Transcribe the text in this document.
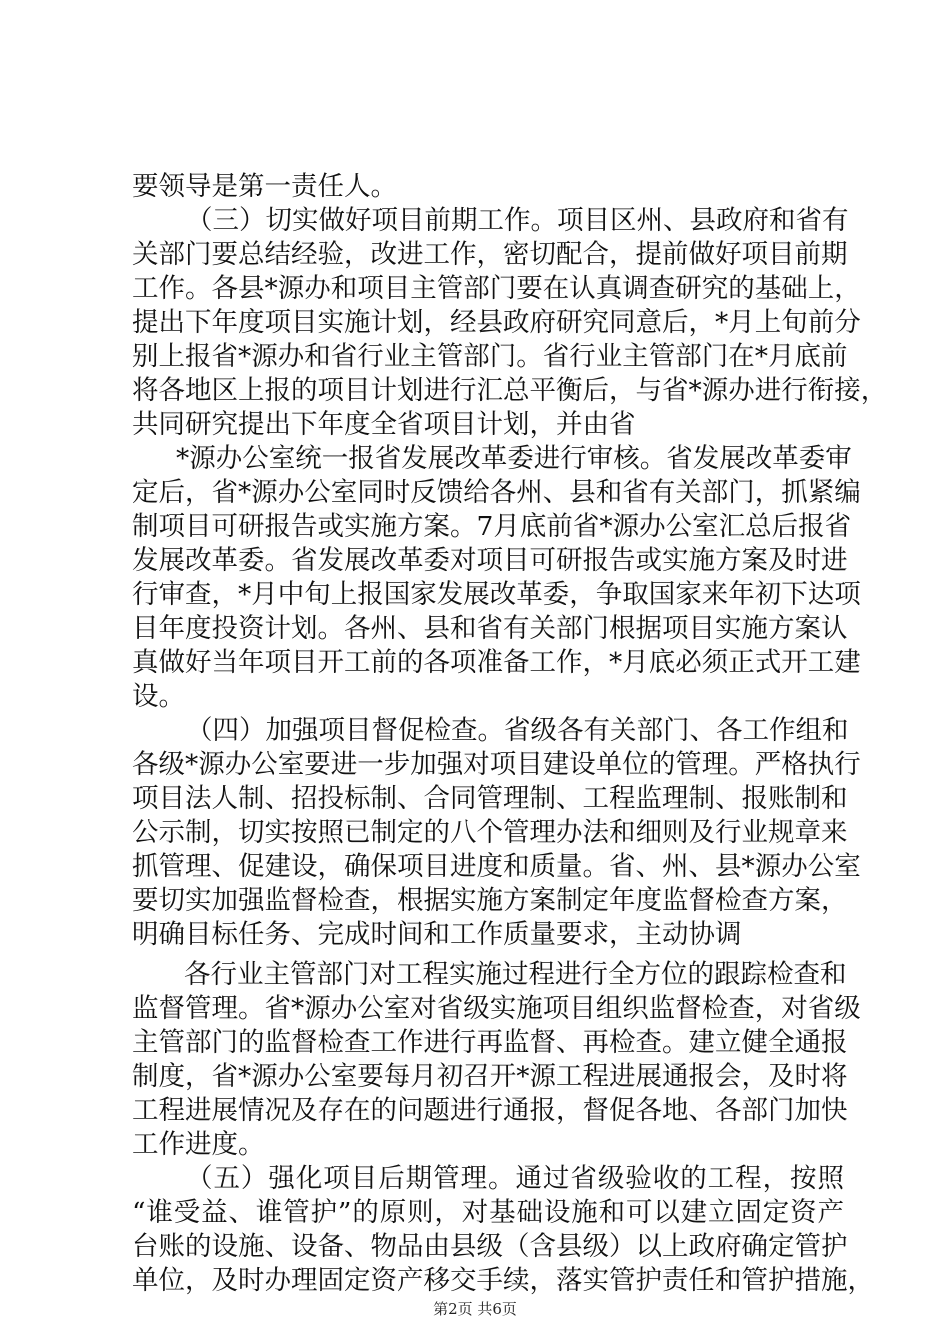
要领导是第一责任人。
（三）切实做好项目前期工作。项目区州、县政府和省有
关部门要总结经验，改进工作，密切配合，提前做好项目前期
工作。各县*源办和项目主管部门要在认真调查研究的基础上，
提出下年度项目实施计划，经县政府研究同意后，*月上旬前分
别上报省*源办和省行业主管部门。省行业主管部门在*月底前
将各地区上报的项目计划进行汇总平衡后，与省*源办进行衔接，
共同研究提出下年度全省项目计划，并由省
*源办公室统一报省发展改革委进行审核。省发展改革委审
定后，省*源办公室同时反馈给各州、县和省有关部门，抓紧编
制项目可研报告或实施方案。7月底前省*源办公室汇总后报省
发展改革委。省发展改革委对项目可研报告或实施方案及时进
行审查，*月中旬上报国家发展改革委，争取国家来年初下达项
目年度投资计划。各州、县和省有关部门根据项目实施方案认
真做好当年项目开工前的各项准备工作，*月底必须正式开工建
设。
（四）加强项目督促检查。省级各有关部门、各工作组和
各级*源办公室要进一步加强对项目建设单位的管理。严格执行
项目法人制、招投标制、合同管理制、工程监理制、报账制和
公示制，切实按照已制定的八个管理办法和细则及行业规章来
抓管理、促建设，确保项目进度和质量。省、州、县*源办公室
要切实加强监督检查，根据实施方案制定年度监督检查方案，
明确目标任务、完成时间和工作质量要求，主动协调
各行业主管部门对工程实施过程进行全方位的跟踪检查和
监督管理。省*源办公室对省级实施项目组织监督检查，对省级
主管部门的监督检查工作进行再监督、再检查。建立健全通报
制度，省*源办公室要每月初召开*源工程进展通报会，及时将
工程进展情况及存在的问题进行通报，督促各地、各部门加快
工作进度。
（五）强化项目后期管理。通过省级验收的工程，按照
“谁受益、谁管护”的原则，对基础设施和可以建立固定资产
台账的设施、设备、物品由县级（含县级）以上政府确定管护
单位，及时办理固定资产移交手续，落实管护责任和管护措施，
第2页 共6页
